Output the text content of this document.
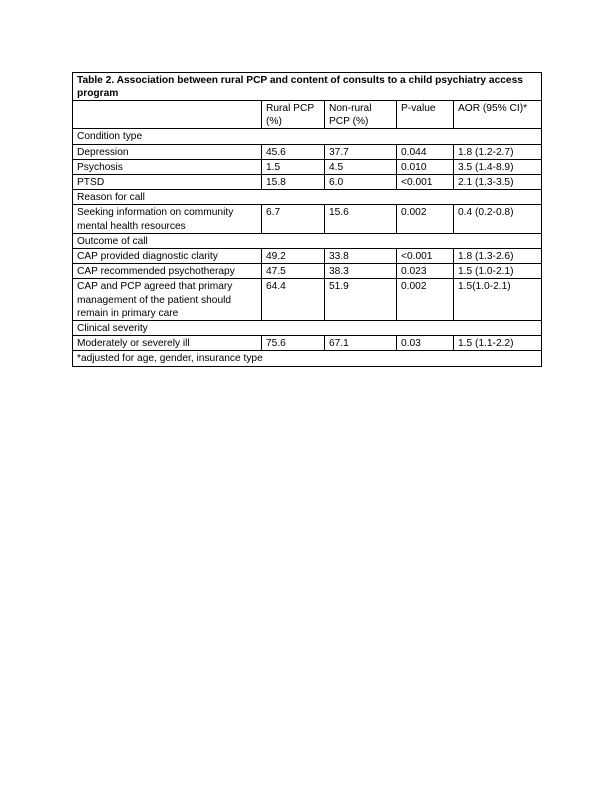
Table 2. Association between rural PCP and content of consults to a child psychiatry access program				
	Rural PCP (%)	Non-rural PCP (%)	P-value	AOR (95% CI)*
Condition type				
Depression	45.6	37.7	0.044	1.8 (1.2-2.7)
Psychosis	1.5	4.5	0.010	3.5 (1.4-8.9)
PTSD	15.8	6.0	<0.001	2.1 (1.3-3.5)
Reason for call				
Seeking information on community mental health resources	6.7	15.6	0.002	0.4 (0.2-0.8)
Outcome of call				
CAP provided diagnostic clarity	49.2	33.8	<0.001	1.8 (1.3-2.6)
CAP recommended psychotherapy	47.5	38.3	0.023	1.5 (1.0-2.1)
CAP and PCP agreed that primary management of the patient should remain in primary care	64.4	51.9	0.002	1.5(1.0-2.1)
Clinical severity				
Moderately or severely ill	75.6	67.1	0.03	1.5 (1.1-2.2)
*adjusted for age, gender, insurance type				
